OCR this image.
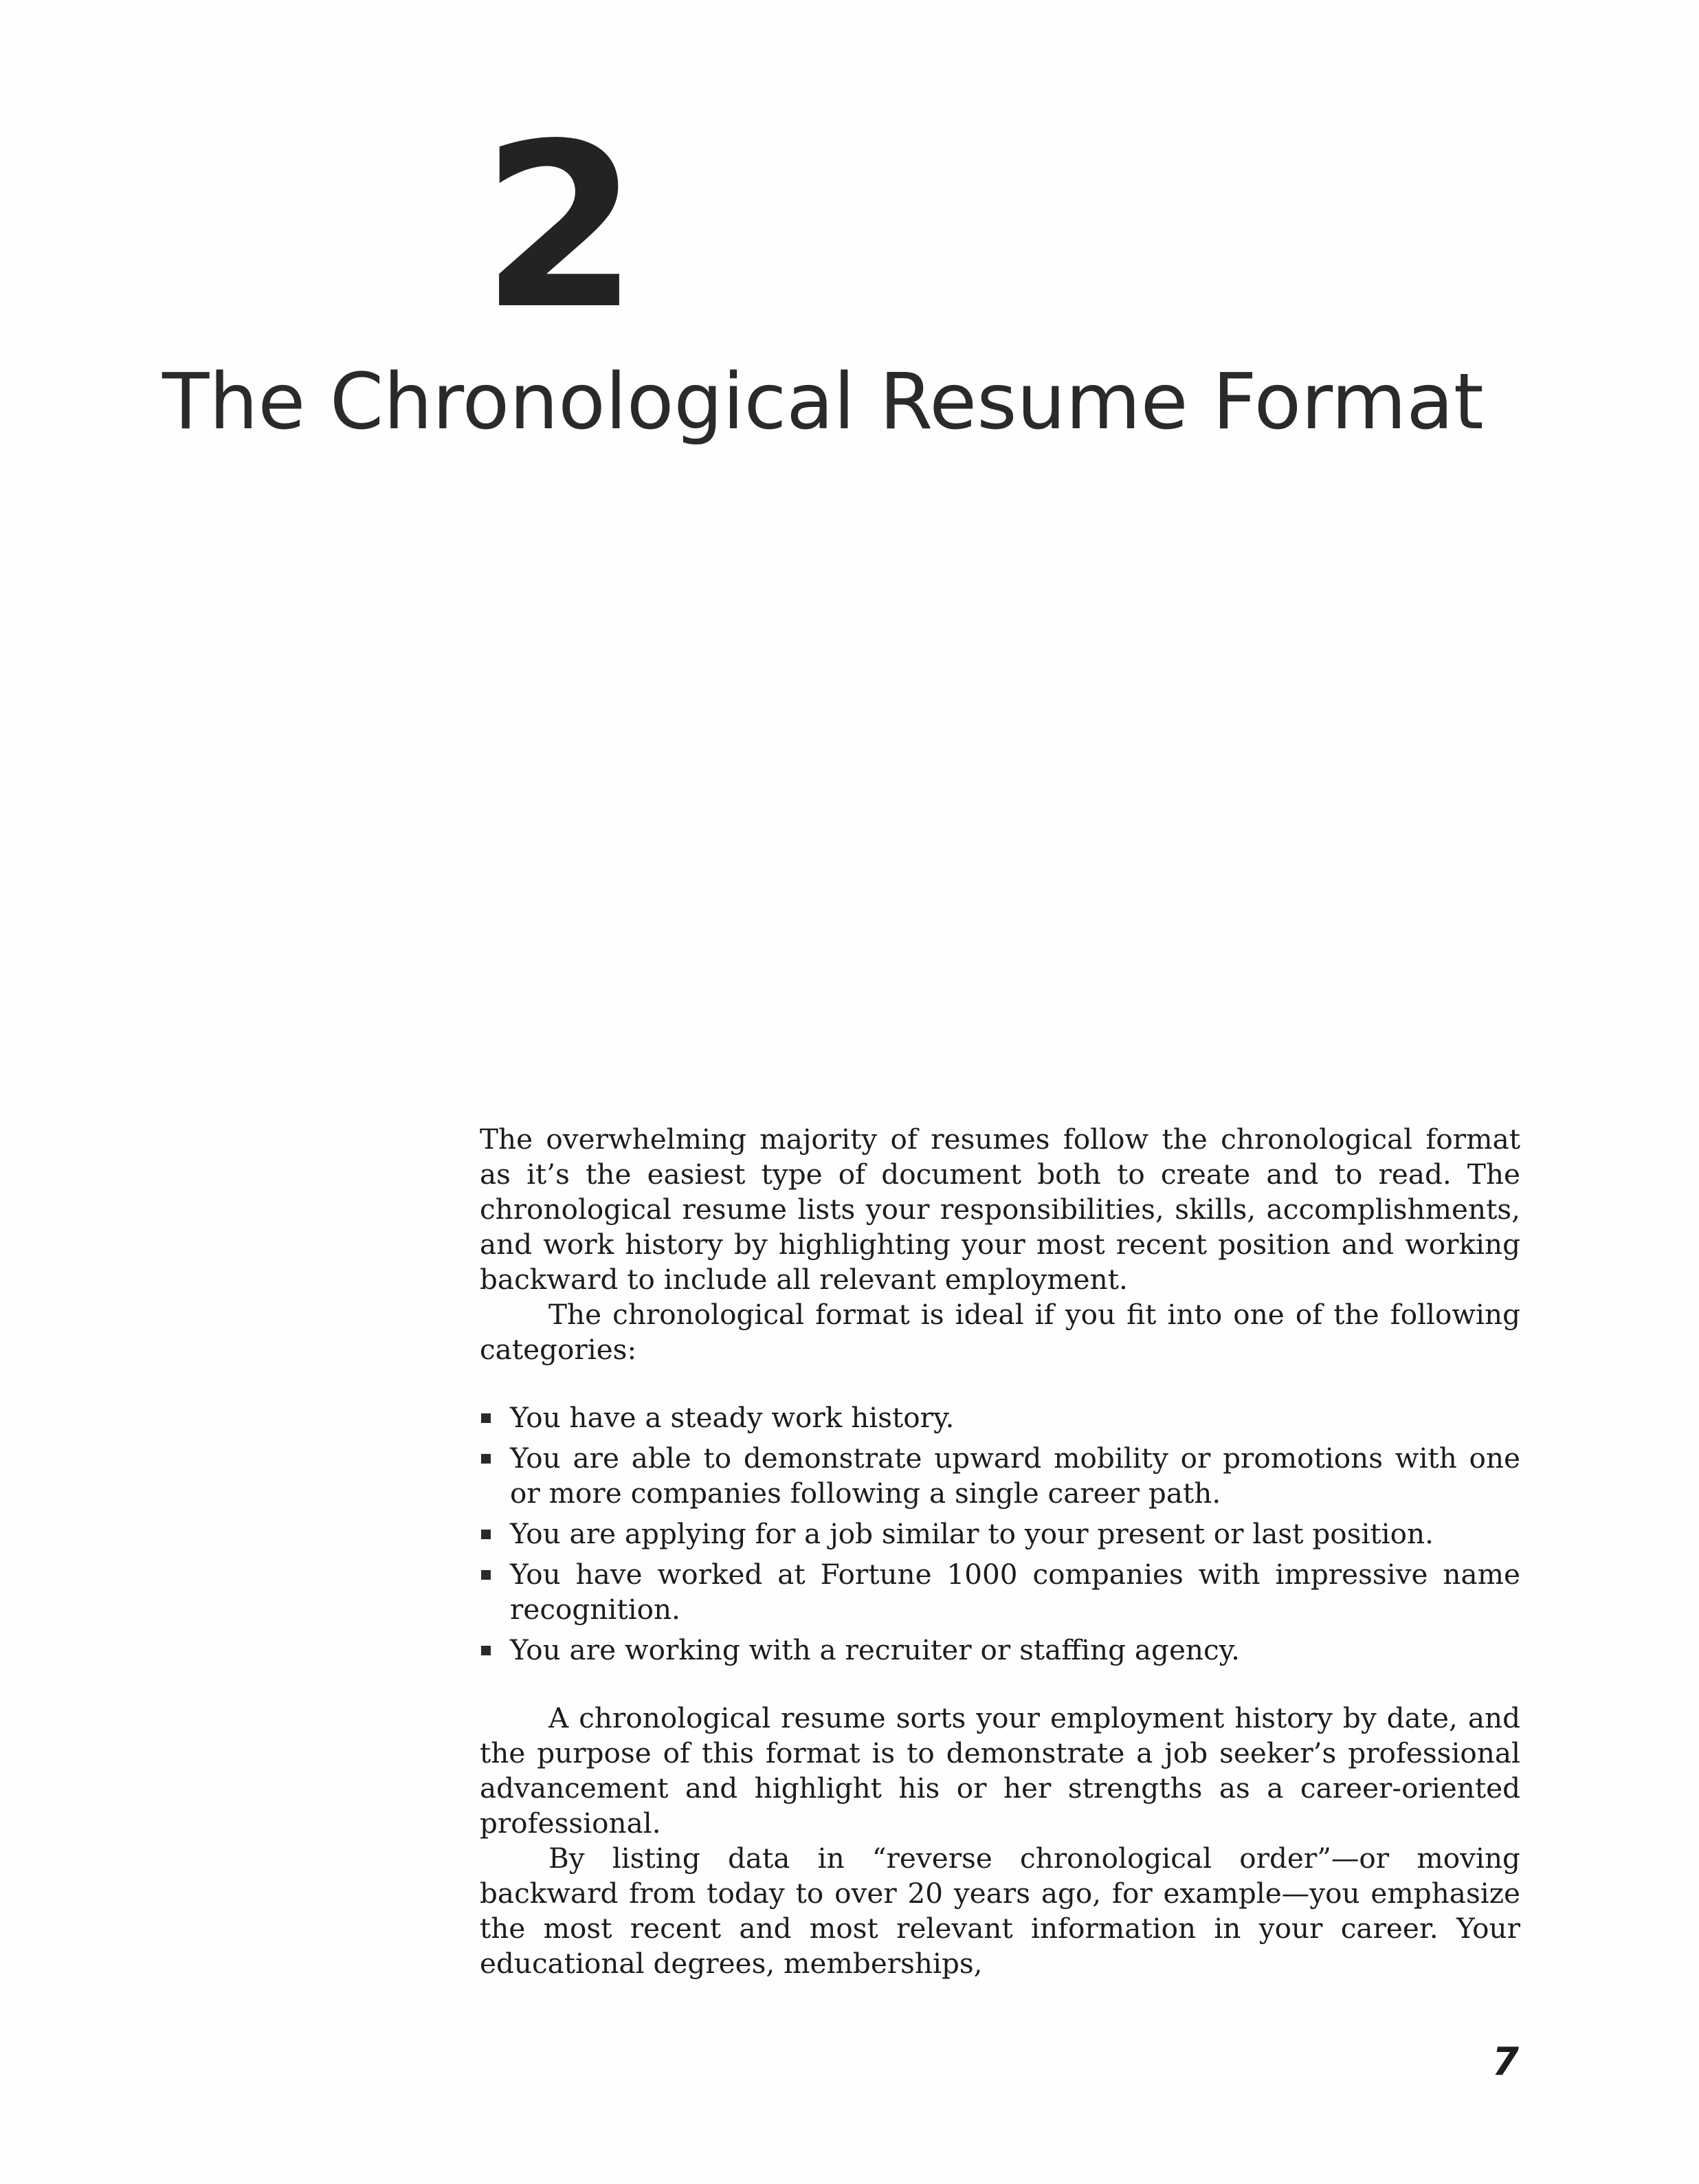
2
The Chronological Resume Format

The overwhelming majority of resumes follow the chronological format as it’s the easiest type of document both to create and to read. The chronological resume lists your responsibilities, skills, accomplishments, and work history by highlighting your most recent position and working backward to include all relevant employment.

The chronological format is ideal if you fit into one of the following categories:

You have a steady work history.
You are able to demonstrate upward mobility or promotions with one or more companies following a single career path.
You are applying for a job similar to your present or last position.
You have worked at Fortune 1000 companies with impressive name recognition.
You are working with a recruiter or staffing agency.

A chronological resume sorts your employment history by date, and the purpose of this format is to demonstrate a job seeker’s professional advancement and highlight his or her strengths as a career-oriented professional.

By listing data in “reverse chronological order”—or moving backward from today to over 20 years ago, for example—you emphasize the most recent and most relevant information in your career. Your educational degrees, memberships,

7
